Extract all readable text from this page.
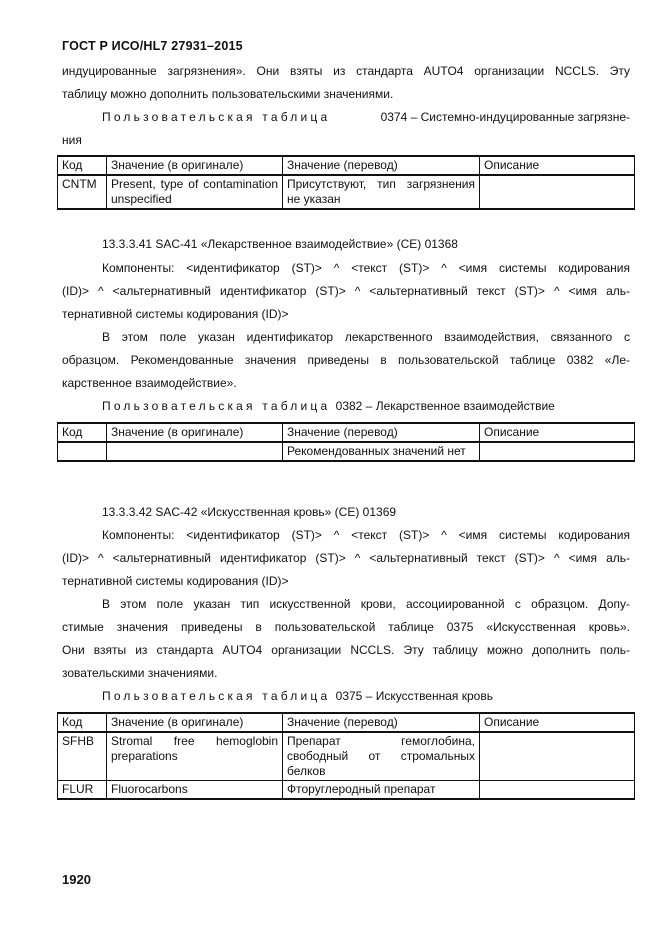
ГОСТ Р ИСО/HL7 27931–2015
индуцированные загрязнения». Они взяты из стандарта AUTO4 организации NCCLS. Эту
таблицу можно дополнить пользовательскими значениями.
Пользовательская таблица	0374 – Системно-индуцированные загрязне-
ния
Код	Значение (в оригинале)	Значение (перевод)	Описание
CNTM	Present, type of contamination unspecified	Присутствуют, тип загрязнения не указан	
13.3.3.41 SAC-41 «Лекарственное взаимодействие» (CE) 01368
Компоненты: <идентификатор (ST)> ^ <текст (ST)> ^ <имя системы кодирования
(ID)> ^ <альтернативный идентификатор (ST)> ^ <альтернативный текст (ST)> ^ <имя аль-
тернативной системы кодирования (ID)>
В этом поле указан идентификатор лекарственного взаимодействия, связанного с
образцом. Рекомендованные значения приведены в пользовательской таблице 0382 «Ле-
карственное взаимодействие».
Пользовательская таблица 0382 – Лекарственное взаимодействие
Код	Значение (в оригинале)	Значение (перевод)	Описание
		Рекомендованных значений нет	
13.3.3.42 SAC-42 «Искусственная кровь» (CE) 01369
Компоненты: <идентификатор (ST)> ^ <текст (ST)> ^ <имя системы кодирования
(ID)> ^ <альтернативный идентификатор (ST)> ^ <альтернативный текст (ST)> ^ <имя аль-
тернативной системы кодирования (ID)>
В этом поле указан тип искусственной крови, ассоциированной с образцом. Допу-
стимые значения приведены в пользовательской таблице 0375 «Искусственная кровь».
Они взяты из стандарта AUTO4 организации NCCLS. Эту таблицу можно дополнить поль-
зовательскими значениями.
Пользовательская таблица 0375 – Искусственная кровь
Код	Значение (в оригинале)	Значение (перевод)	Описание
SFHB	Stromal free hemoglobin preparations	Препарат гемоглобина, свободный от стромальных белков	
FLUR	Fluorocarbons	Фторуглеродный препарат	
1920
